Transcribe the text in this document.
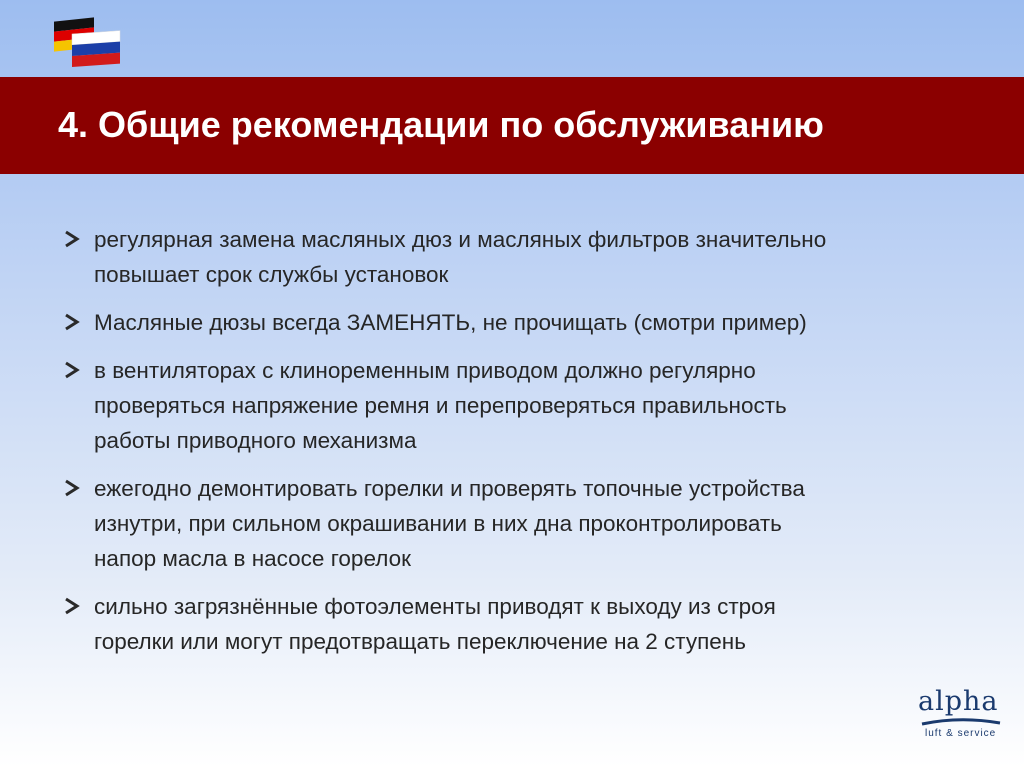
4. Общие рекомендации по обслуживанию
регулярная замена масляных дюз и масляных фильтров значительно
повышает срок службы установок
Масляные дюзы всегда ЗАМЕНЯТЬ, не прочищать (смотри пример)
в вентиляторах с клиноременным приводом должно регулярно
проверяться напряжение ремня и перепроверяться правильность
работы приводного механизма
ежегодно демонтировать горелки и проверять топочные устройства
изнутри, при сильном окрашивании в них дна проконтролировать
напор масла в насосе горелок
сильно загрязнённые фотоэлементы приводят к выходу из строя
горелки или могут предотвращать переключение на 2 ступень
alpha
luft & service
